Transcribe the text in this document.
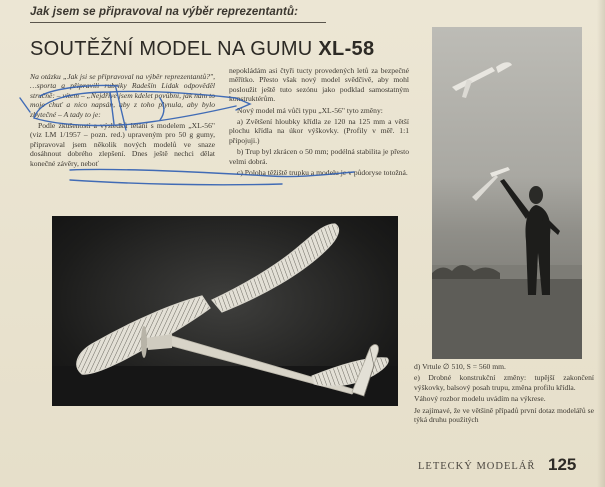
Jak jsem se připravoval na výběr reprezentantů:
SOUTĚŽNÍ MODEL NA GUMU XL-58

Na otázku „Jak jsi se připravoval na výběr reprezentantů?", …sporta a připravili rubriky Radešín Lidak odpověděl stručně: – vítem – „Nejdříve jsem kdelet povůbni, jak nám to moje chuť a nico napsán, aby z toho plynula, aby bylo zbytečné – A tady to je:

Podle zkušeností a výsledků létání s modelem „XL-56" (viz LM 1/1957 – pozn. red.) upraveným pro 50 g gumy, připravoval jsem několik nových modelů ve snaze dosáhnout dobrého zlepšení. Dnes ještě nechci dělat konečné závěry, neboť

nepokládám asi čtyři tucty provedených letů za bezpečné měřítko. Přesto však nový model svědčivě, aby mohl posloužit ještě tuto sezónu jako podklad samostatným konstruktérům.

Nový model má vůči typu „XL-56" tyto změny:

a) Zvětšení hloubky křídla ze 120 na 125 mm a větší plochu křídla na úkor výškovky. (Profily v měř. 1:1 připojuji.)

b) Trup byl zkrácen o 50 mm; podélná stabilita je přesto velmi dobrá.

c) Poloha těžiště trupku a modelu je v půdoryse totožná.

d) Vrtule ∅ 510, S = 560 mm.

e) Drobné konstrukční změny: tupější zakončení výškovky, balsový posah trupu, změna profilu křídla.

Váhový rozbor modelu uvádím na výkrese.

Je zajímavé, že ve většině případů první dotaz modelářů se týká druhu použitých

LETECKÝ MODELÁŘ 125
